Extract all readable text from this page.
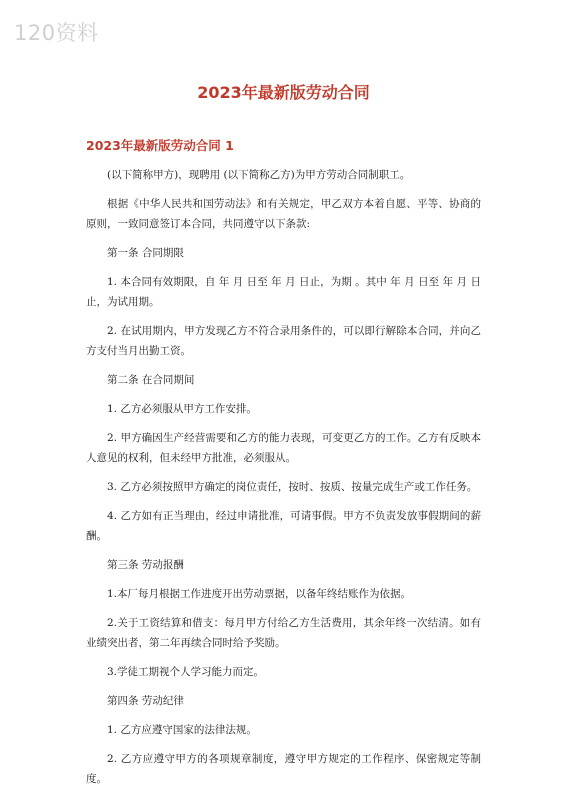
120资料
2023年最新版劳动合同
2023年最新版劳动合同 1

(以下简称甲方)，现聘用 (以下简称乙方)为甲方劳动合同制职工。

根据《中华人民共和国劳动法》和有关规定，甲乙双方本着自愿、平等、协商的原则，一致同意签订本合同，共同遵守以下条款:

第一条 合同期限

1. 本合同有效期限，自 年 月 日至 年 月 日止，为期 。其中 年 月 日至 年 月 日止，为试用期。

2. 在试用期内，甲方发现乙方不符合录用条件的，可以即行解除本合同，并向乙方支付当月出勤工资。

第二条 在合同期间

1. 乙方必须服从甲方工作安排。

2. 甲方确因生产经营需要和乙方的能力表现，可变更乙方的工作。乙方有反映本人意见的权利，但未经甲方批准，必须服从。

3. 乙方必须按照甲方确定的岗位责任，按时、按质、按量完成生产或工作任务。

4. 乙方如有正当理由，经过申请批准，可请事假。甲方不负责发放事假期间的薪酬。

第三条 劳动报酬

1.本厂每月根据工作进度开出劳动票据，以备年终结账作为依据。

2.关于工资结算和借支：每月甲方付给乙方生活费用，其余年终一次结清。如有业绩突出者，第二年再续合同时给予奖励。

3.学徒工期视个人学习能力而定。

第四条 劳动纪律

1. 乙方应遵守国家的法律法规。

2. 乙方应遵守甲方的各项规章制度，遵守甲方规定的工作程序、保密规定等制度。
